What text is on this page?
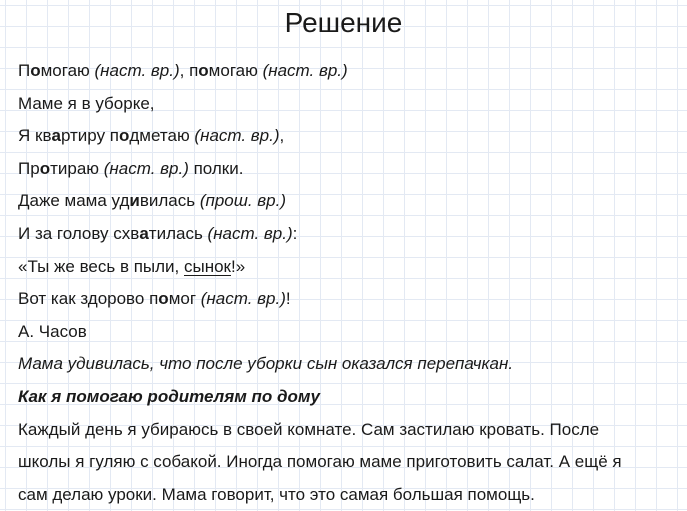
Решение
Помогаю (наст. вр.), помогаю (наст. вр.)
Маме я в уборке,
Я квартиру подметаю (наст. вр.),
Протираю (наст. вр.) полки.
Даже мама удивилась (прош. вр.)
И за голову схватилась (наст. вр.):
«Ты же весь в пыли, сынок!»
Вот как здорово помог (наст. вр.)!
А. Часов
Мама удивилась, что после уборки сын оказался перепачкан.
Как я помогаю родителям по дому
Каждый день я убираюсь в своей комнате. Сам застилаю кровать. После
школы я гуляю с собакой. Иногда помогаю маме приготовить салат. А ещё я
сам делаю уроки. Мама говорит, что это самая большая помощь.
